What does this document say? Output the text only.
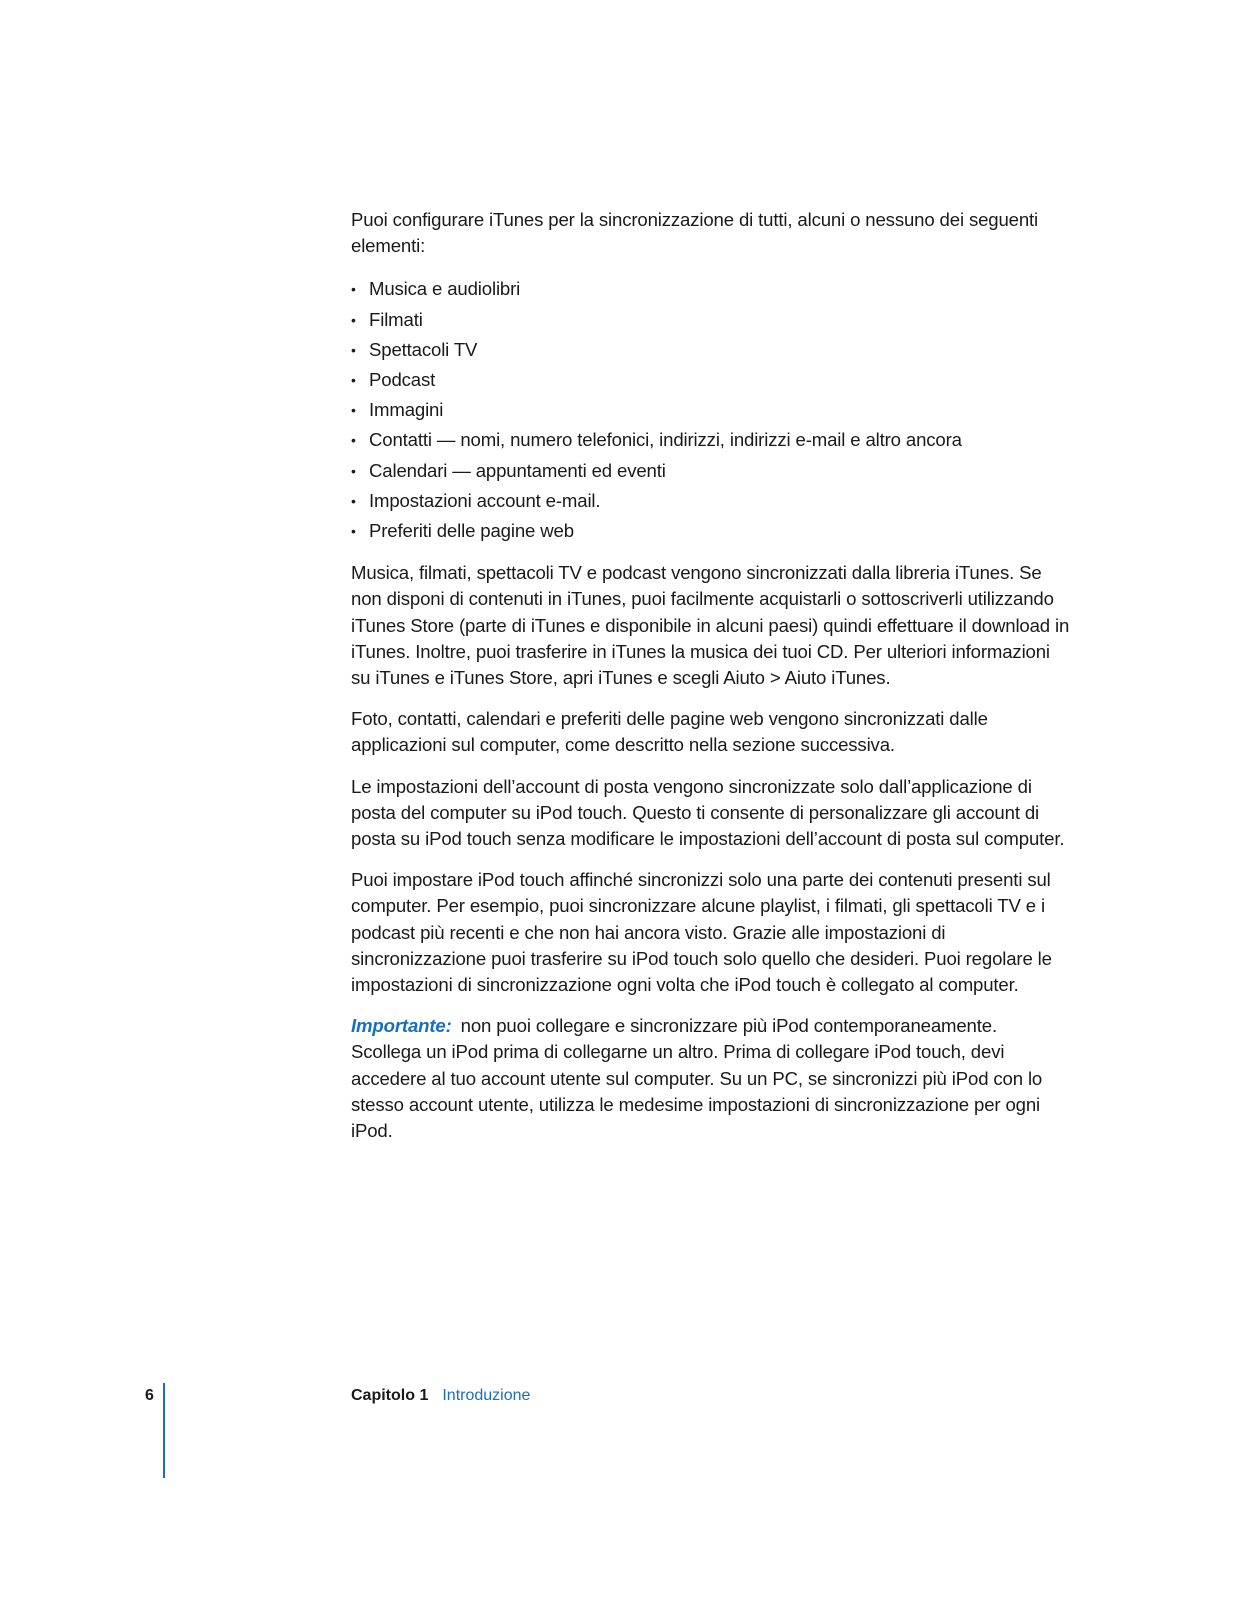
Puoi configurare iTunes per la sincronizzazione di tutti, alcuni o nessuno dei seguenti elementi:

• Musica e audiolibri
• Filmati
• Spettacoli TV
• Podcast
• Immagini
• Contatti — nomi, numero telefonici, indirizzi, indirizzi e-mail e altro ancora
• Calendari — appuntamenti ed eventi
• Impostazioni account e-mail.
• Preferiti delle pagine web

Musica, filmati, spettacoli TV e podcast vengono sincronizzati dalla libreria iTunes. Se non disponi di contenuti in iTunes, puoi facilmente acquistarli o sottoscriverli utilizzando iTunes Store (parte di iTunes e disponibile in alcuni paesi) quindi effettuare il download in iTunes. Inoltre, puoi trasferire in iTunes la musica dei tuoi CD. Per ulteriori informazioni su iTunes e iTunes Store, apri iTunes e scegli Aiuto > Aiuto iTunes.

Foto, contatti, calendari e preferiti delle pagine web vengono sincronizzati dalle applicazioni sul computer, come descritto nella sezione successiva.

Le impostazioni dell’account di posta vengono sincronizzate solo dall’applicazione di posta del computer su iPod touch. Questo ti consente di personalizzare gli account di posta su iPod touch senza modificare le impostazioni dell’account di posta sul computer.

Puoi impostare iPod touch affinché sincronizzi solo una parte dei contenuti presenti sul computer. Per esempio, puoi sincronizzare alcune playlist, i filmati, gli spettacoli TV e i podcast più recenti e che non hai ancora visto. Grazie alle impostazioni di sincronizzazione puoi trasferire su iPod touch solo quello che desideri. Puoi regolare le impostazioni di sincronizzazione ogni volta che iPod touch è collegato al computer.

Importante: non puoi collegare e sincronizzare più iPod contemporaneamente. Scollega un iPod prima di collegarne un altro. Prima di collegare iPod touch, devi accedere al tuo account utente sul computer. Su un PC, se sincronizzi più iPod con lo stesso account utente, utilizza le medesime impostazioni di sincronizzazione per ogni iPod.

6	Capitolo 1 Introduzione
